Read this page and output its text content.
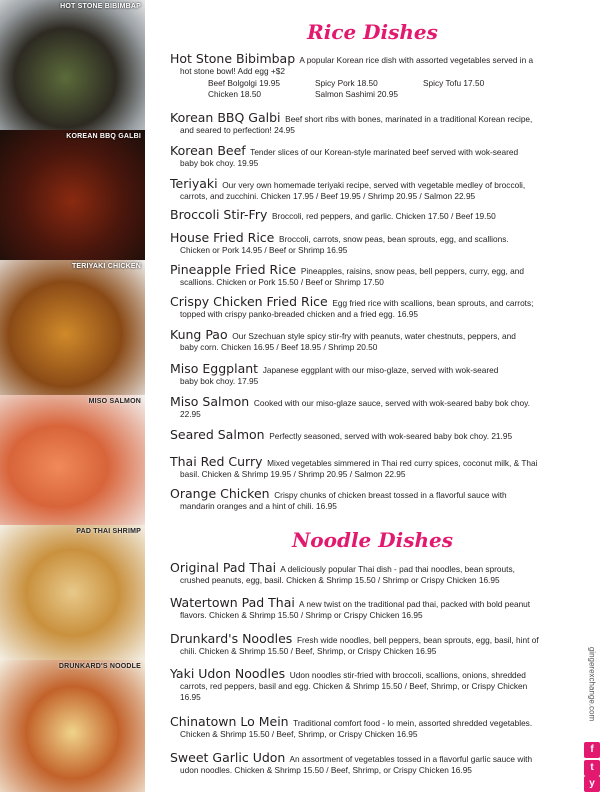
HOT STONE BIBIMBAP
KOREAN BBQ GALBI
TERIYAKI CHICKEN
MISO SALMON
PAD THAI SHRIMP
DRUNKARD'S NOODLE
Rice Dishes
Hot Stone Bibimbap A popular Korean rice dish with assorted vegetables served in a
hot stone bowl! Add egg +$2
Beef Bolgolgi 19.95	Spicy Pork 18.50	Spicy Tofu 17.50
Chicken 18.50	Salmon Sashimi 20.95
Korean BBQ Galbi Beef short ribs with bones, marinated in a traditional Korean recipe,
and seared to perfection! 24.95
Korean Beef Tender slices of our Korean-style marinated beef served with wok-seared
baby bok choy. 19.95
Teriyaki Our very own homemade teriyaki recipe, served with vegetable medley of broccoli,
carrots, and zucchini. Chicken 17.95 / Beef 19.95 / Shrimp 20.95 / Salmon 22.95
Broccoli Stir-Fry Broccoli, red peppers, and garlic. Chicken 17.50 / Beef 19.50
House Fried Rice Broccoli, carrots, snow peas, bean sprouts, egg, and scallions.
Chicken or Pork 14.95 / Beef or Shrimp 16.95
Pineapple Fried Rice Pineapples, raisins, snow peas, bell peppers, curry, egg, and
scallions. Chicken or Pork 15.50 / Beef or Shrimp 17.50
Crispy Chicken Fried Rice Egg fried rice with scallions, bean sprouts, and carrots;
topped with crispy panko-breaded chicken and a fried egg. 16.95
Kung Pao Our Szechuan style spicy stir-fry with peanuts, water chestnuts, peppers, and
baby corn. Chicken 16.95 / Beef 18.95 / Shrimp 20.50
Miso Eggplant Japanese eggplant with our miso-glaze, served with wok-seared
baby bok choy. 17.95
Miso Salmon Cooked with our miso-glaze sauce, served with wok-seared baby bok choy.
22.95
Seared Salmon Perfectly seasoned, served with wok-seared baby bok choy. 21.95
Thai Red Curry Mixed vegetables simmered in Thai red curry spices, coconut milk, & Thai
basil. Chicken & Shrimp 19.95 / Shrimp 20.95 / Salmon 22.95
Orange Chicken Crispy chunks of chicken breast tossed in a flavorful sauce with
mandarin oranges and a hint of chili. 16.95
Noodle Dishes
Original Pad Thai A deliciously popular Thai dish - pad thai noodles, bean sprouts,
crushed peanuts, egg, basil. Chicken & Shrimp 15.50 / Shrimp or Crispy Chicken 16.95
Watertown Pad Thai A new twist on the traditional pad thai, packed with bold peanut
flavors. Chicken & Shrimp 15.50 / Shrimp or Crispy Chicken 16.95
Drunkard's Noodles Fresh wide noodles, bell peppers, bean sprouts, egg, basil, hint of
chili. Chicken & Shrimp 15.50 / Beef, Shrimp, or Crispy Chicken 16.95
Yaki Udon Noodles Udon noodles stir-fried with broccoli, scallions, onions, shredded
carrots, red peppers, basil and egg. Chicken & Shrimp 15.50 / Beef, Shrimp, or Crispy Chicken
16.95
Chinatown Lo Mein Traditional comfort food - lo mein, assorted shredded vegetables.
Chicken & Shrimp 15.50 / Beef, Shrimp, or Crispy Chicken 16.95
Sweet Garlic Udon An assortment of vegetables tossed in a flavorful garlic sauce with
udon noodles. Chicken & Shrimp 15.50 / Beef, Shrimp, or Crispy Chicken 16.95
gingerexchange.com
f
t
y
